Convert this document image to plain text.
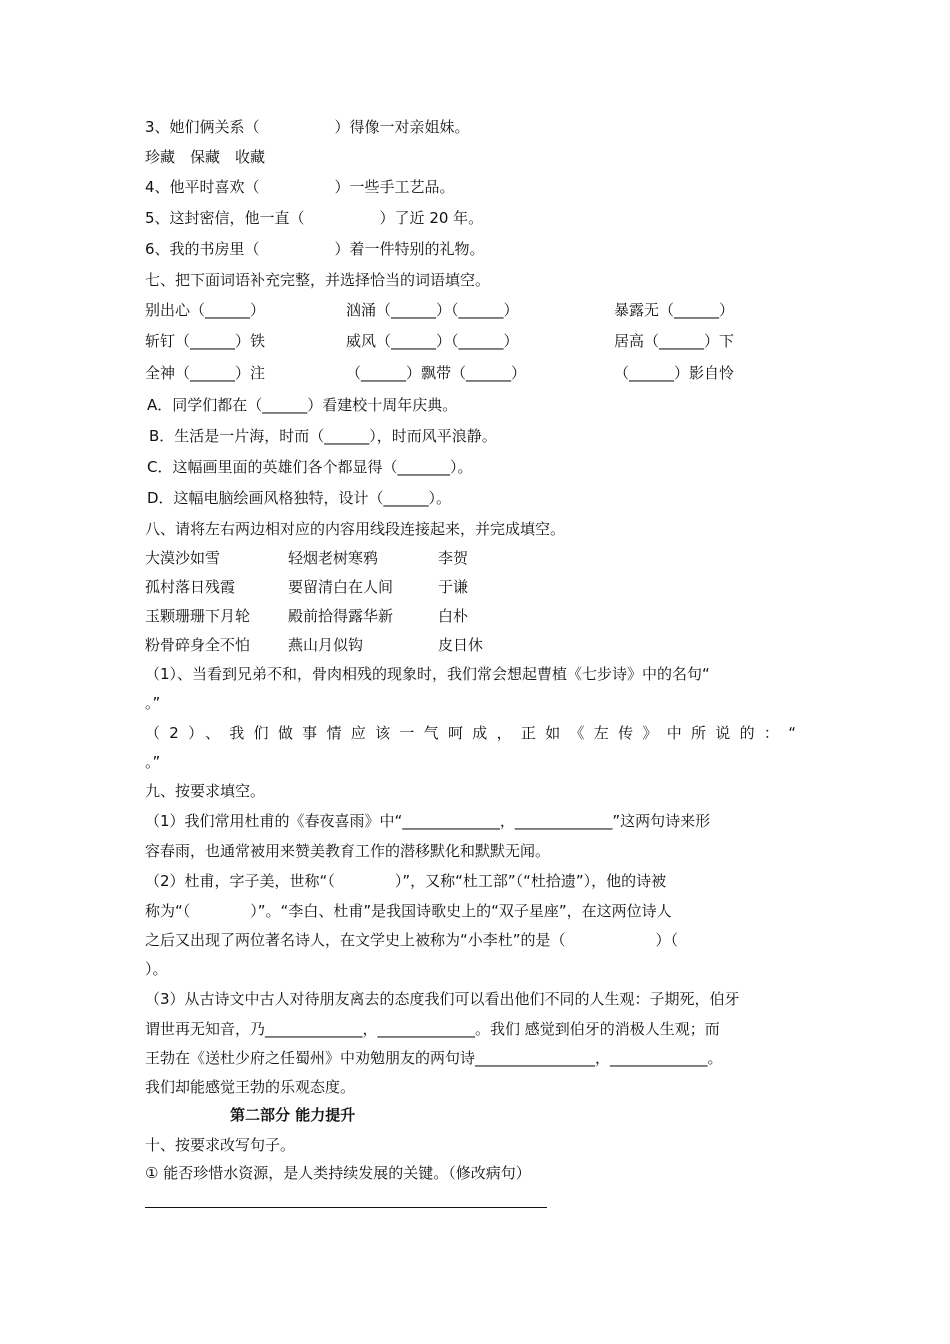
3、她们俩关系（　　　　　）得像一对亲姐妹。
珍藏　保藏　收藏
4、他平时喜欢（　　　　　）一些手工艺品。
5、这封密信，他一直（　　　　　）了近 20 年。
6、我的书房里（　　　　　）着一件特别的礼物。
七、把下面词语补充完整，并选择恰当的词语填空。
别出心（______）	汹涌（______）（______）	暴露无（______）
斩钉（______）铁	威风（______）（______）	居高（______）下
全神（______）注	（______）飘带（______）	（______）影自怜
A．同学们都在（______）看建校十周年庆典。
B．生活是一片海，时而（______），时而风平浪静。
C．这幅画里面的英雄们各个都显得（_______）。
D．这幅电脑绘画风格独特，设计（______）。
八、请将左右两边相对应的内容用线段连接起来，并完成填空。
大漠沙如雪	轻烟老树寒鸦	李贺
孤村落日残霞	要留清白在人间	于谦
玉颗珊珊下月轮	殿前拾得露华新	白朴
粉骨碎身全不怕	燕山月似钩	皮日休
（1）、当看到兄弟不和，骨肉相残的现象时，我们常会想起曹植《七步诗》中的名句“
。”
（2）、我们做事情应该一气呵成，正如《左传》中所说的：“
。”
九、按要求填空。
（1）我们常用杜甫的《春夜喜雨》中“_____________，_____________”这两句诗来形
容春雨，也通常被用来赞美教育工作的潜移默化和默默无闻。
（2）杜甫，字子美，世称“（　　　　）”，又称“杜工部”（“杜拾遗”），他的诗被
称为“（　　　　）”。“李白、杜甫”是我国诗歌史上的“双子星座”，在这两位诗人
之后又出现了两位著名诗人，在文学史上被称为“小李杜”的是（　　　　　　）（
）。
（3）从古诗文中古人对待朋友离去的态度我们可以看出他们不同的人生观：子期死，伯牙
谓世再无知音，乃_____________，_____________。我们 感觉到伯牙的消极人生观；而
王勃在《送杜少府之任蜀州》中劝勉朋友的两句诗________________，_____________。
我们却能感觉王勃的乐观态度。
第二部分 能力提升
十、按要求改写句子。
① 能否珍惜水资源，是人类持续发展的关键。（修改病句）
